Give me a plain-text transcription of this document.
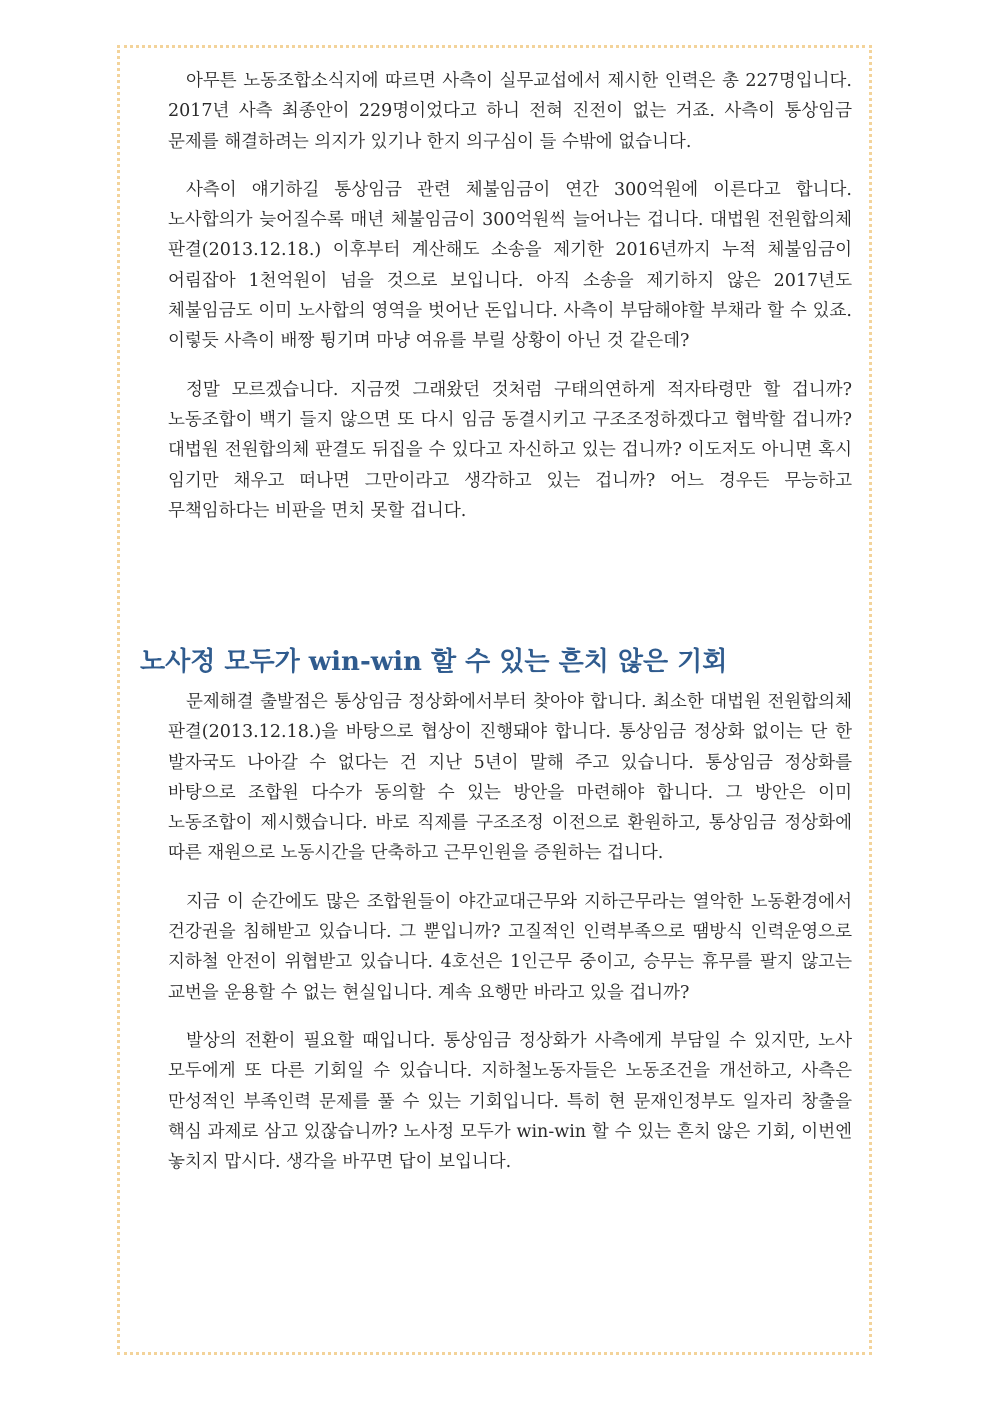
아무튼 노동조합소식지에 따르면 사측이 실무교섭에서 제시한 인력은 총 227명입니다. 2017년 사측 최종안이 229명이었다고 하니 전혀 진전이 없는 거죠. 사측이 통상임금 문제를 해결하려는 의지가 있기나 한지 의구심이 들 수밖에 없습니다.

사측이 얘기하길 통상임금 관련 체불임금이 연간 300억원에 이른다고 합니다. 노사합의가 늦어질수록 매년 체불임금이 300억원씩 늘어나는 겁니다. 대법원 전원합의체 판결(2013.12.18.) 이후부터 계산해도 소송을 제기한 2016년까지 누적 체불임금이 어림잡아 1천억원이 넘을 것으로 보입니다. 아직 소송을 제기하지 않은 2017년도 체불임금도 이미 노사합의 영역을 벗어난 돈입니다. 사측이 부담해야할 부채라 할 수 있죠. 이렇듯 사측이 배짱 튕기며 마냥 여유를 부릴 상황이 아닌 것 같은데?

정말 모르겠습니다. 지금껏 그래왔던 것처럼 구태의연하게 적자타령만 할 겁니까? 노동조합이 백기 들지 않으면 또 다시 임금 동결시키고 구조조정하겠다고 협박할 겁니까? 대법원 전원합의체 판결도 뒤집을 수 있다고 자신하고 있는 겁니까? 이도저도 아니면 혹시 임기만 채우고 떠나면 그만이라고 생각하고 있는 겁니까? 어느 경우든 무능하고 무책임하다는 비판을 면치 못할 겁니다.

노사정 모두가 win-win 할 수 있는 흔치 않은 기회

문제해결 출발점은 통상임금 정상화에서부터 찾아야 합니다. 최소한 대법원 전원합의체 판결(2013.12.18.)을 바탕으로 협상이 진행돼야 합니다. 통상임금 정상화 없이는 단 한 발자국도 나아갈 수 없다는 건 지난 5년이 말해 주고 있습니다. 통상임금 정상화를 바탕으로 조합원 다수가 동의할 수 있는 방안을 마련해야 합니다. 그 방안은 이미 노동조합이 제시했습니다. 바로 직제를 구조조정 이전으로 환원하고, 통상임금 정상화에 따른 재원으로 노동시간을 단축하고 근무인원을 증원하는 겁니다.

지금 이 순간에도 많은 조합원들이 야간교대근무와 지하근무라는 열악한 노동환경에서 건강권을 침해받고 있습니다. 그 뿐입니까? 고질적인 인력부족으로 땜방식 인력운영으로 지하철 안전이 위협받고 있습니다. 4호선은 1인근무 중이고, 승무는 휴무를 팔지 않고는 교번을 운용할 수 없는 현실입니다. 계속 요행만 바라고 있을 겁니까?

발상의 전환이 필요할 때입니다. 통상임금 정상화가 사측에게 부담일 수 있지만, 노사 모두에게 또 다른 기회일 수 있습니다. 지하철노동자들은 노동조건을 개선하고, 사측은 만성적인 부족인력 문제를 풀 수 있는 기회입니다. 특히 현 문재인정부도 일자리 창출을 핵심 과제로 삼고 있잖습니까? 노사정 모두가 win-win 할 수 있는 흔치 않은 기회, 이번엔 놓치지 맙시다. 생각을 바꾸면 답이 보입니다.
